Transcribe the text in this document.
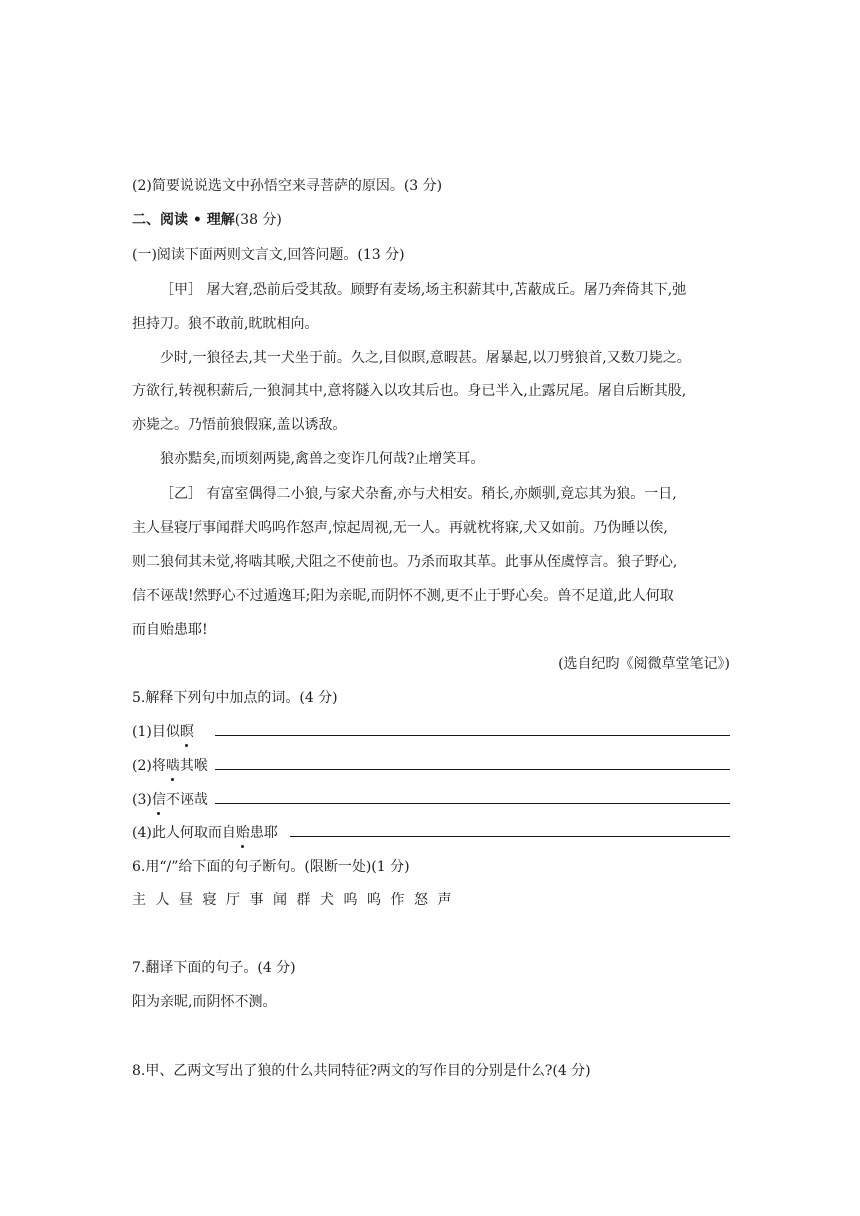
(2)简要说说选文中孙悟空来寻菩萨的原因。(3 分)
二、阅读 • 理解(38 分)
(一)阅读下面两则文言文,回答问题。(13 分)
［甲］ 屠大窘,恐前后受其敌。顾野有麦场,场主积薪其中,苫蔽成丘。屠乃奔倚其下,弛
担持刀。狼不敢前,眈眈相向。
少时,一狼径去,其一犬坐于前。久之,目似瞑,意暇甚。屠暴起,以刀劈狼首,又数刀毙之。
方欲行,转视积薪后,一狼洞其中,意将隧入以攻其后也。身已半入,止露尻尾。屠自后断其股,
亦毙之。乃悟前狼假寐,盖以诱敌。
狼亦黠矣,而顷刻两毙,禽兽之变诈几何哉?止增笑耳。
［乙］ 有富室偶得二小狼,与家犬杂畜,亦与犬相安。稍长,亦颇驯,竟忘其为狼。一日,
主人昼寝厅事闻群犬呜呜作怒声,惊起周视,无一人。再就枕将寐,犬又如前。乃伪睡以俟,
则二狼伺其未觉,将啮其喉,犬阻之不使前也。乃杀而取其革。此事从侄虞惇言。狼子野心,
信不诬哉!然野心不过遁逸耳;阳为亲昵,而阴怀不测,更不止于野心矣。兽不足道,此人何取
而自贻患耶!
(选自纪昀《阅微草堂笔记》)
5.解释下列句中加点的词。(4 分)
(1)目似瞑
(2)将啮其喉
(3)信不诬哉
(4)此人何取而自贻患耶
6.用“/”给下面的句子断句。(限断一处)(1 分)
主人昼寝厅事闻群犬呜呜作怒声
7.翻译下面的句子。(4 分)
阳为亲昵,而阴怀不测。
8.甲、乙两文写出了狼的什么共同特征?两文的写作目的分别是什么?(4 分)
